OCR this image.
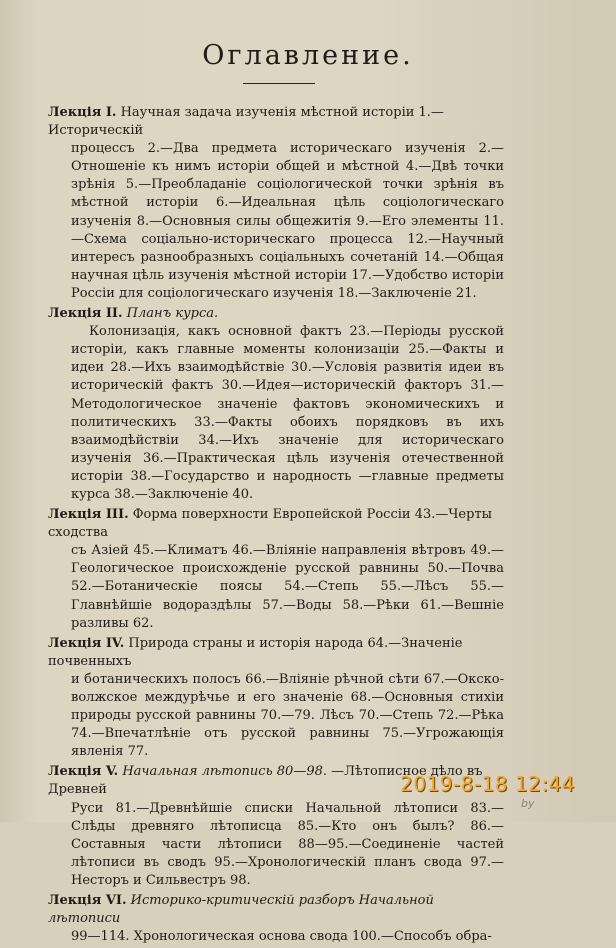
Оглавление.
Лекція I. Научная задача изученія мѣстной исторіи 1.—Историческій
процессъ 2.—Два предмета историческаго изученія 2.—Отношеніе къ нимъ исторіи общей и мѣстной 4.—Двѣ точки зрѣнія 5.—Преобладаніе соціологической точки зрѣнія въ мѣстной исторіи 6.—Идеальная цѣль соціологическаго изученія 8.—Основныя силы общежитія 9.—Его элементы 11.—Схема соціально-историческаго процесса 12.—Научный интересъ разнообразныхъ соціальныхъ сочетаній 14.—Общая научная цѣль изученія мѣстной исторіи 17.—Удобство исторіи Россіи для соціологическаго изученія 18.—Заключеніе 21.
Лекція II. Планъ курса.
Колонизація, какъ основной фактъ 23.—Періоды русской исторіи, какъ главные моменты колонизаціи 25.—Факты и идеи 28.—Ихъ взаимодѣйствіе 30.—Условія развитія идеи въ историческій фактъ 30.—Идея—историческій факторъ 31.—Методологическое значеніе фактовъ экономическихъ и политическихъ 33.—Факты обоихъ порядковъ въ ихъ взаимодѣйствіи 34.—Ихъ значеніе для историческаго изученія 36.—Практическая цѣль изученія отечественной исторіи 38.—Государство и народность —главные предметы курса 38.—Заключеніе 40.
Лекція III. Форма поверхности Европейской Россіи 43.—Черты сходства
съ Азіей 45.—Климатъ 46.—Вліяніе направленія вѣтровъ 49.—Геологическое происхожденіе русской равнины 50.—Почва 52.—Ботаническіе поясы 54.—Степь 55.—Лѣсъ 55.—Главнѣйшіе водораздѣлы 57.—Воды 58.—Рѣки 61.—Вешніе разливы 62.
Лекція IV. Природа страны и исторія народа 64.—Значеніе почвенныхъ
и ботаническихъ полосъ 66.—Вліяніе рѣчной сѣти 67.—Окско-волжское междурѣчье и его значеніе 68.—Основныя стихіи природы русской равнины 70.—79. Лѣсъ 70.—Степь 72.—Рѣка 74.—Впечатлѣніе отъ русской равнины 75.—Угрожающія явленія 77.
Лекція V. Начальная лѣтопись 80—98. —Лѣтописное дѣло въ Древней
Руси 81.—Древнѣйшіе списки Начальной лѣтописи 83.—Слѣды древняго лѣтописца 85.—Кто онъ былъ? 86.—Составныя части лѣтописи 88—95.—Соединеніе частей лѣтописи въ сводъ 95.—Хронологическій планъ свода 97.—Несторъ и Сильвестръ 98.
Лекція VI. Историко-критическій разборъ Начальной лѣтописи
99—114. Хронологическая основа свода 100.—Способъ обра-
2019-8-18 12:44
by
